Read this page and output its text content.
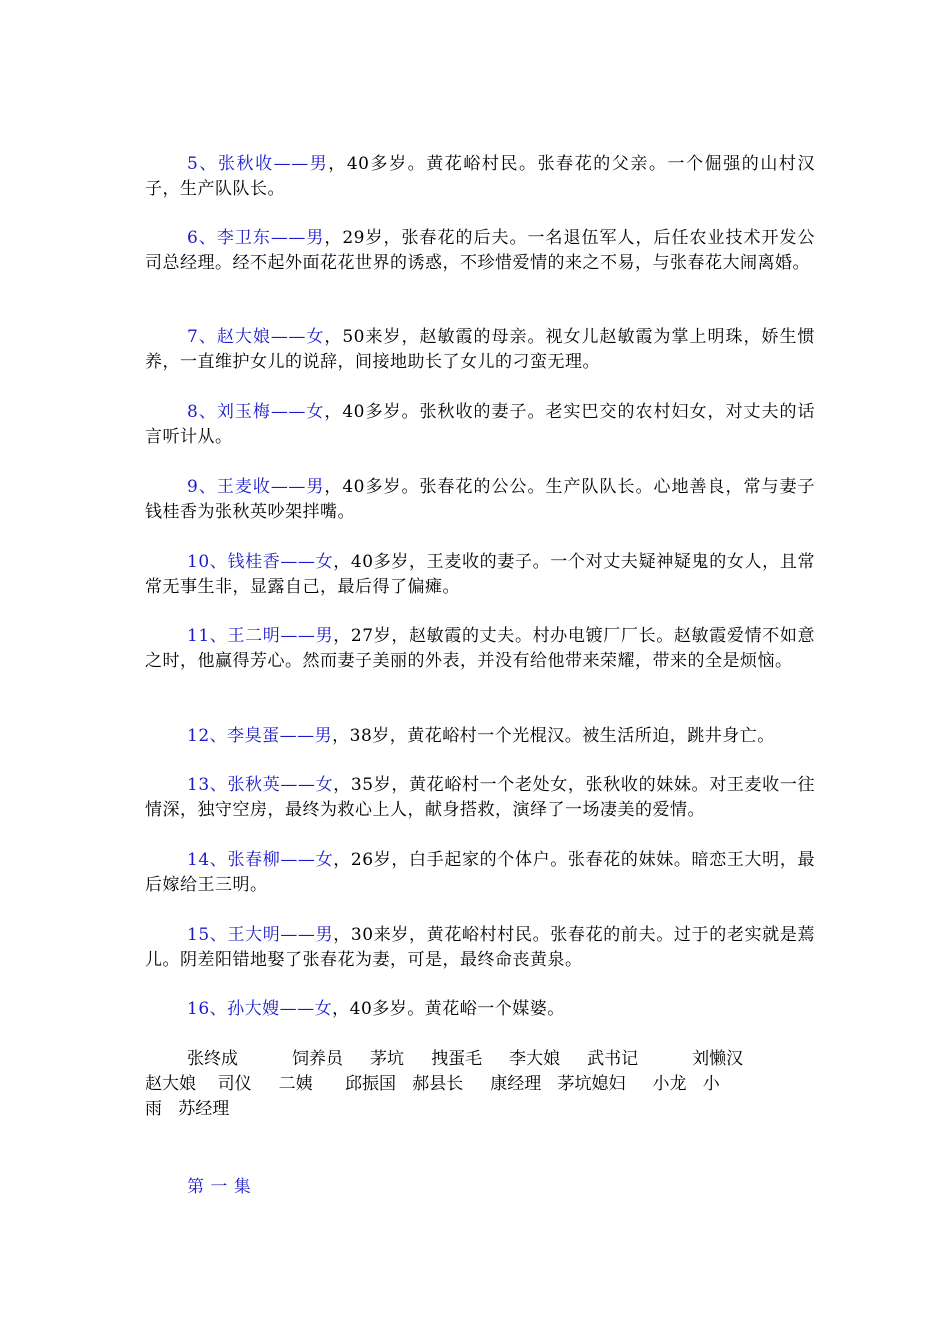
5、张秋收——男，40多岁。黄花峪村民。张春花的父亲。一个倔强的山村汉子，生产队队长。

6、李卫东——男，29岁，张春花的后夫。一名退伍军人，后任农业技术开发公司总经理。经不起外面花花世界的诱惑，不珍惜爱情的来之不易，与张春花大闹离婚。

7、赵大娘——女，50来岁，赵敏霞的母亲。视女儿赵敏霞为掌上明珠，娇生惯养，一直维护女儿的说辞，间接地助长了女儿的刁蛮无理。

8、刘玉梅——女，40多岁。张秋收的妻子。老实巴交的农村妇女，对丈夫的话言听计从。

9、王麦收——男，40多岁。张春花的公公。生产队队长。心地善良，常与妻子钱桂香为张秋英吵架拌嘴。

10、钱桂香——女，40多岁，王麦收的妻子。一个对丈夫疑神疑鬼的女人，且常常无事生非，显露自己，最后得了偏瘫。

11、王二明——男，27岁，赵敏霞的丈夫。村办电镀厂厂长。赵敏霞爱情不如意之时，他赢得芳心。然而妻子美丽的外表，并没有给他带来荣耀，带来的全是烦恼。

12、李臭蛋——男，38岁，黄花峪村一个光棍汉。被生活所迫，跳井身亡。

13、张秋英——女，35岁，黄花峪村一个老处女，张秋收的妹妹。对王麦收一往情深，独守空房，最终为救心上人，献身搭救，演绎了一场凄美的爱情。

14、张春柳——女，26岁，白手起家的个体户。张春花的妹妹。暗恋王大明，最后嫁给王三明。

15、王大明——男，30来岁，黄花峪村村民。张春花的前夫。过于的老实就是蔫儿。阴差阳错地娶了张春花为妻，可是，最终命丧黄泉。

16、孙大嫂——女，40多岁。黄花峪一个媒婆。

张终成          饲养员     茅坑     拽蛋毛     李大娘     武书记          刘懒汉
赵大娘    司仪     二姨      邱振国   郝县长     康经理   茅坑媳妇     小龙   小
雨   苏经理

第 一 集
